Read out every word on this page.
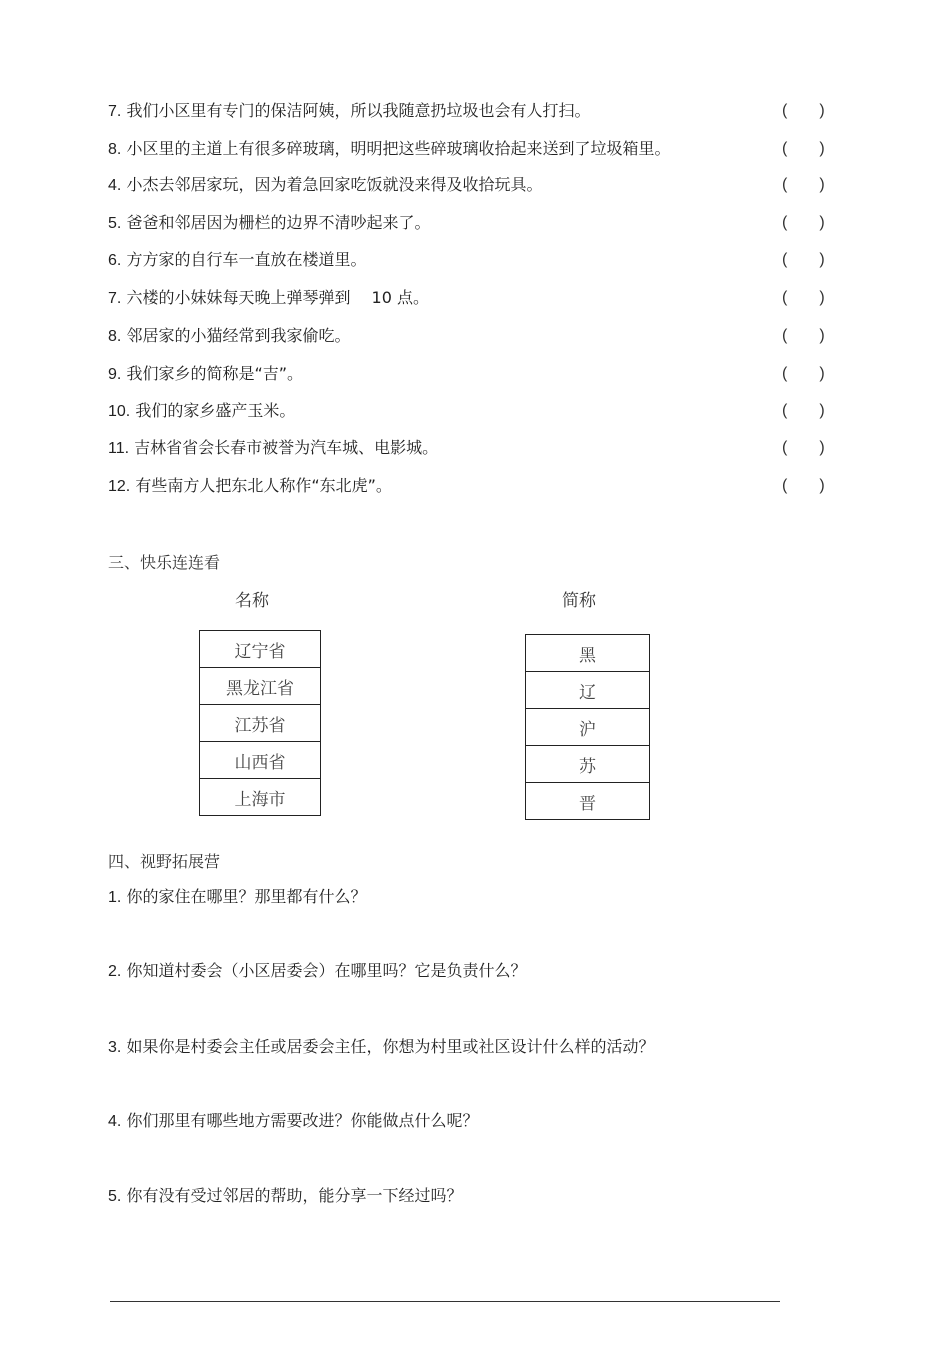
7. 我们小区里有专门的保洁阿姨，所以我随意扔垃圾也会有人打扫。	(　　)
8. 小区里的主道上有很多碎玻璃，明明把这些碎玻璃收拾起来送到了垃圾箱里。	(　　)
4. 小杰去邻居家玩，因为着急回家吃饭就没来得及收拾玩具。	(　　)
5. 爸爸和邻居因为栅栏的边界不清吵起来了。	(　　)
6. 方方家的自行车一直放在楼道里。	(　　)
7. 六楼的小妹妹每天晚上弹琴弹到　 10 点。	(　　)
8. 邻居家的小猫经常到我家偷吃。	(　　)
9. 我们家乡的简称是“吉”。	(　　)
10. 我们的家乡盛产玉米。	(　　)
11. 吉林省省会长春市被誉为汽车城、电影城。	(　　)
12. 有些南方人把东北人称作“东北虎”。	(　　)
三、快乐连连看
名称	简称
辽宁省
黑龙江省
江苏省
山西省
上海市
黑
辽
沪
苏
晋
四、视野拓展营
1. 你的家住在哪里？那里都有什么？
2. 你知道村委会（小区居委会）在哪里吗？它是负责什么？
3. 如果你是村委会主任或居委会主任，你想为村里或社区设计什么样的活动？
4. 你们那里有哪些地方需要改进？你能做点什么呢？
5. 你有没有受过邻居的帮助，能分享一下经过吗？
